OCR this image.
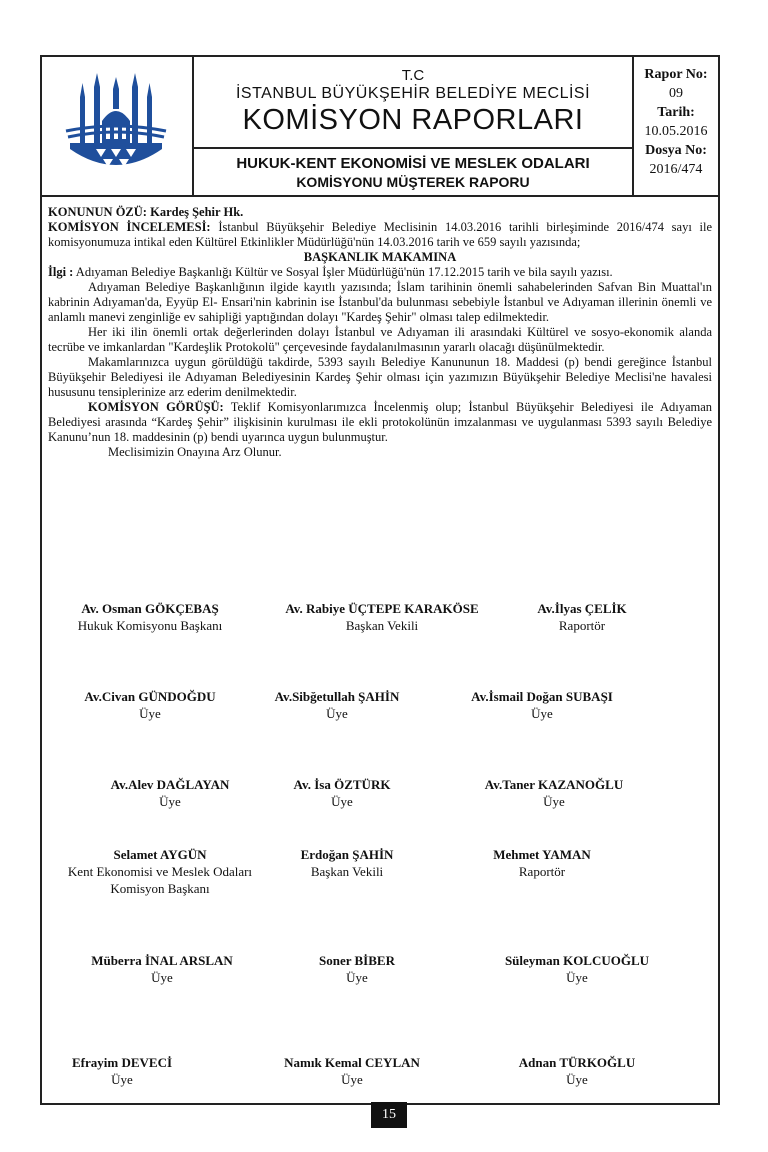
T.C
İSTANBUL BÜYÜKŞEHİR BELEDİYE MECLİSİ
KOMİSYON RAPORLARI
HUKUK-KENT EKONOMİSİ VE MESLEK ODALARI
KOMİSYONU MÜŞTEREK RAPORU
Rapor No:
09
Tarih:
10.05.2016
Dosya No:
2016/474

KONUNUN ÖZÜ: Kardeş Şehir Hk.

KOMİSYON İNCELEMESİ: İstanbul Büyükşehir Belediye Meclisinin 14.03.2016 tarihli birleşiminde 2016/474 sayı ile komisyonumuza intikal eden Kültürel Etkinlikler Müdürlüğü'nün 14.03.2016 tarih ve 659 sayılı yazısında;

BAŞKANLIK MAKAMINA

İlgi : Adıyaman Belediye Başkanlığı Kültür ve Sosyal İşler Müdürlüğü'nün 17.12.2015 tarih ve bila sayılı yazısı.

Adıyaman Belediye Başkanlığının ilgide kayıtlı yazısında; İslam tarihinin önemli sahabelerinden Safvan Bin Muattal'ın kabrinin Adıyaman'da, Eyyüp El- Ensari'nin kabrinin ise İstanbul'da bulunması sebebiyle İstanbul ve Adıyaman illerinin önemli ve anlamlı manevi zenginliğe ev sahipliği yaptığından dolayı "Kardeş Şehir" olması talep edilmektedir.

Her iki ilin önemli ortak değerlerinden dolayı İstanbul ve Adıyaman ili arasındaki Kültürel ve sosyo-ekonomik alanda tecrübe ve imkanlardan "Kardeşlik Protokolü" çerçevesinde faydalanılmasının yararlı olacağı düşünülmektedir.

Makamlarınızca uygun görüldüğü takdirde, 5393 sayılı Belediye Kanununun 18. Maddesi (p) bendi gereğince İstanbul Büyükşehir Belediyesi ile Adıyaman Belediyesinin Kardeş Şehir olması için yazımızın Büyükşehir Belediye Meclisi'ne havalesi hususunu tensiplerinize arz ederim denilmektedir.

KOMİSYON GÖRÜŞÜ: Teklif Komisyonlarımızca İncelenmiş olup; İstanbul Büyükşehir Belediyesi ile Adıyaman Belediyesi arasında “Kardeş Şehir” ilişkisinin kurulması ile ekli protokolünün imzalanması ve uygulanması 5393 sayılı Belediye Kanunu’nun 18. maddesinin (p) bendi uyarınca uygun bulunmuştur.

Meclisimizin Onayına Arz Olunur.

Av. Osman GÖKÇEBAŞ
Hukuk Komisyonu Başkanı
Av. Rabiye ÜÇTEPE KARAKÖSE
Başkan Vekili
Av.İlyas ÇELİK
Raportör
Av.Civan GÜNDOĞDU
Üye
Av.Sibğetullah ŞAHİN
Üye
Av.İsmail Doğan SUBAŞI
Üye
Av.Alev DAĞLAYAN
Üye
Av. İsa ÖZTÜRK
Üye
Av.Taner KAZANOĞLU
Üye
Selamet AYGÜN
Kent Ekonomisi ve Meslek Odaları
Komisyon Başkanı
Erdoğan ŞAHİN
Başkan Vekili
Mehmet YAMAN
Raportör
Müberra İNAL ARSLAN
Üye
Soner BİBER
Üye
Süleyman KOLCUOĞLU
Üye
Efrayim DEVECİ
Üye
Namık Kemal CEYLAN
Üye
Adnan TÜRKOĞLU
Üye
15
